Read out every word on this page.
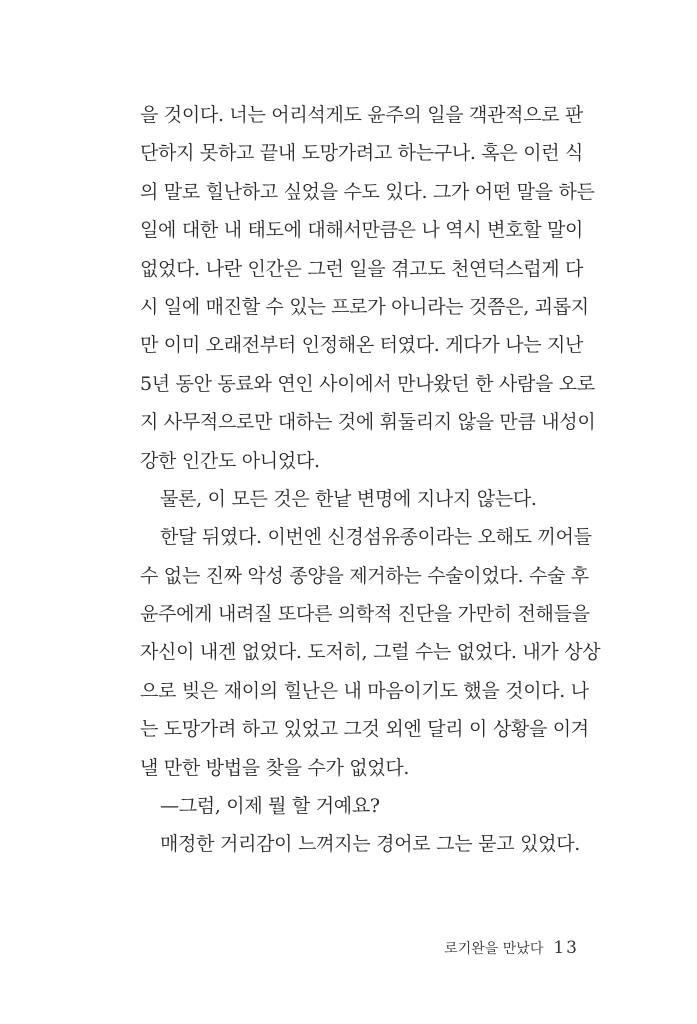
을 것이다. 너는 어리석게도 윤주의 일을 객관적으로 판
단하지 못하고 끝내 도망가려고 하는구나. 혹은 이런 식
의 말로 힐난하고 싶었을 수도 있다. 그가 어떤 말을 하든
일에 대한 내 태도에 대해서만큼은 나 역시 변호할 말이
없었다. 나란 인간은 그런 일을 겪고도 천연덕스럽게 다
시 일에 매진할 수 있는 프로가 아니라는 것쯤은, 괴롭지
만 이미 오래전부터 인정해온 터였다. 게다가 나는 지난
5년 동안 동료와 연인 사이에서 만나왔던 한 사람을 오로
지 사무적으로만 대하는 것에 휘둘리지 않을 만큼 내성이
강한 인간도 아니었다.
물론, 이 모든 것은 한낱 변명에 지나지 않는다.
한달 뒤였다. 이번엔 신경섬유종이라는 오해도 끼어들
수 없는 진짜 악성 종양을 제거하는 수술이었다. 수술 후
윤주에게 내려질 또다른 의학적 진단을 가만히 전해들을
자신이 내겐 없었다. 도저히, 그럴 수는 없었다. 내가 상상
으로 빚은 재이의 힐난은 내 마음이기도 했을 것이다. 나
는 도망가려 하고 있었고 그것 외엔 달리 이 상황을 이겨
낼 만한 방법을 찾을 수가 없었다.
—그럼, 이제 뭘 할 거예요?
매정한 거리감이 느껴지는 경어로 그는 묻고 있었다.
로기완을 만났다 13
